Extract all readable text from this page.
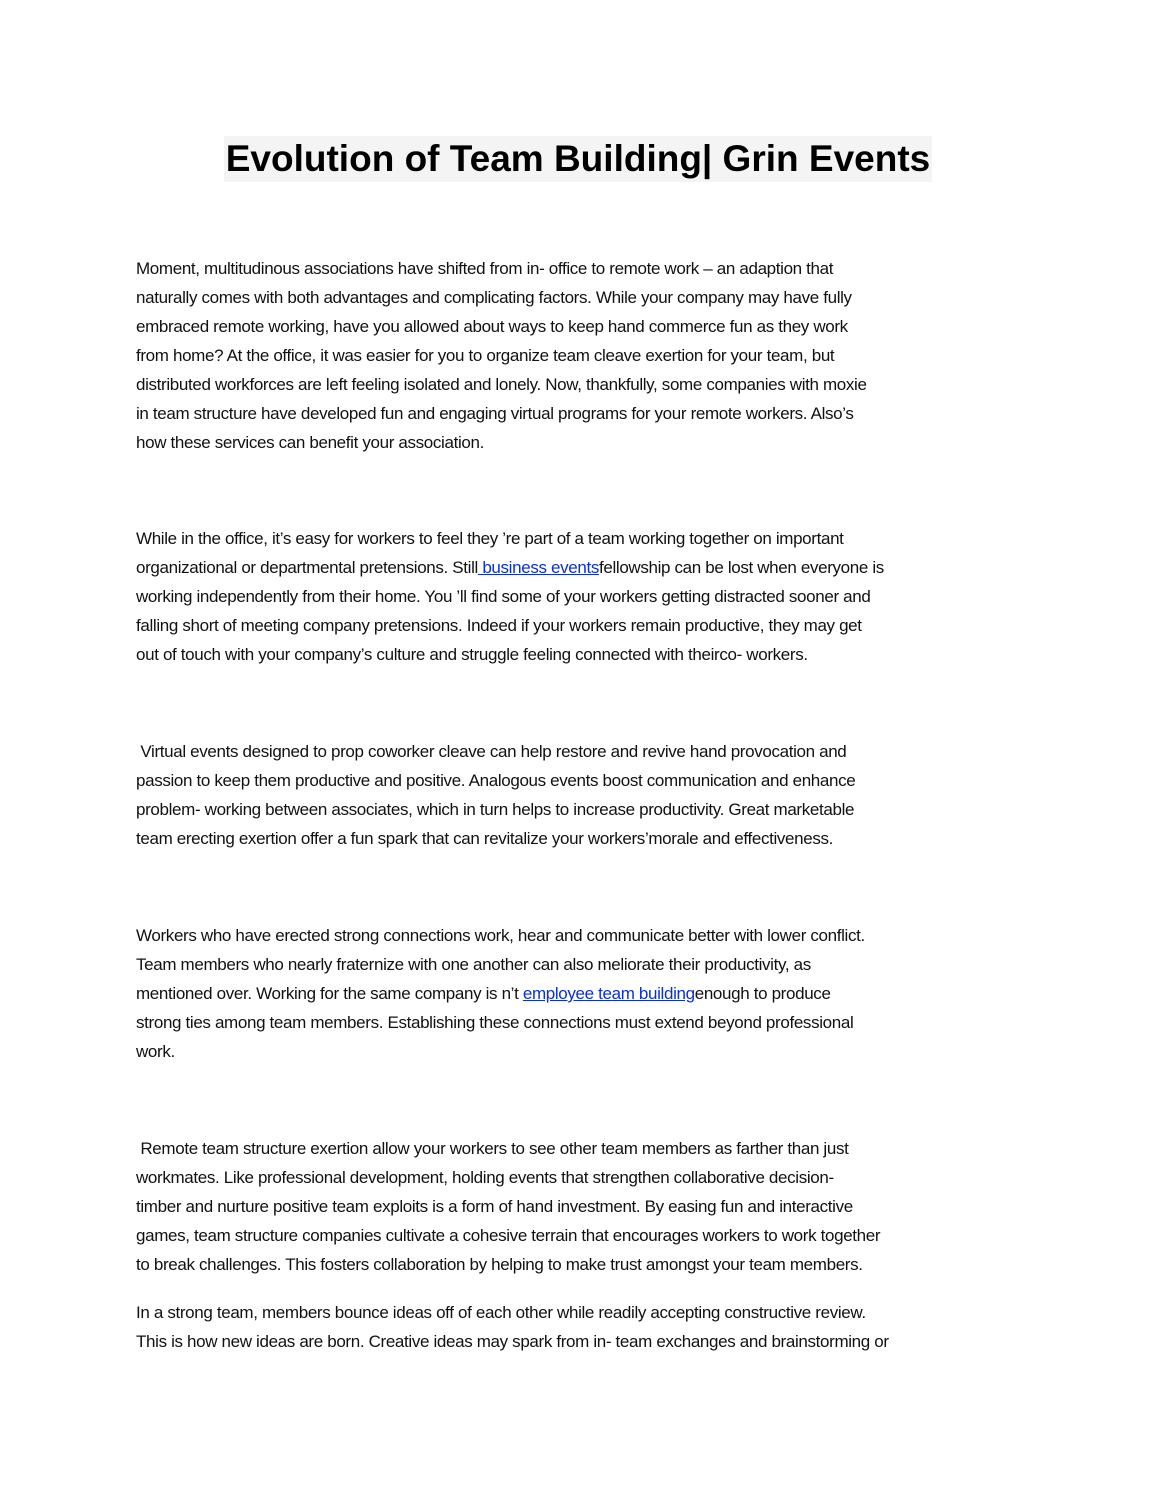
Evolution of Team Building| Grin Events
Moment, multitudinous associations have shifted from in- office to remote work – an adaption that
naturally comes with both advantages and complicating factors. While your company may have fully
embraced remote working, have you allowed about ways to keep hand commerce fun as they work
from home? At the office, it was easier for you to organize team cleave exertion for your team, but
distributed workforces are left feeling isolated and lonely. Now, thankfully, some companies with moxie
in team structure have developed fun and engaging virtual programs for your remote workers. Also’s
how these services can benefit your association.
While in the office, it’s easy for workers to feel they ’re part of a team working together on important
organizational or departmental pretensions. Still business eventsfellowship can be lost when everyone is
working independently from their home. You ’ll find some of your workers getting distracted sooner and
falling short of meeting company pretensions. Indeed if your workers remain productive, they may get
out of touch with your company’s culture and struggle feeling connected with theirco- workers.
Virtual events designed to prop coworker cleave can help restore and revive hand provocation and
passion to keep them productive and positive. Analogous events boost communication and enhance
problem- working between associates, which in turn helps to increase productivity. Great marketable
team erecting exertion offer a fun spark that can revitalize your workers’morale and effectiveness.
Workers who have erected strong connections work, hear and communicate better with lower conflict.
Team members who nearly fraternize with one another can also meliorate their productivity, as
mentioned over. Working for the same company is n’t employee team buildingenough to produce
strong ties among team members. Establishing these connections must extend beyond professional
work.
Remote team structure exertion allow your workers to see other team members as farther than just
workmates. Like professional development, holding events that strengthen collaborative decision-
timber and nurture positive team exploits is a form of hand investment. By easing fun and interactive
games, team structure companies cultivate a cohesive terrain that encourages workers to work together
to break challenges. This fosters collaboration by helping to make trust amongst your team members.
In a strong team, members bounce ideas off of each other while readily accepting constructive review.
This is how new ideas are born. Creative ideas may spark from in- team exchanges and brainstorming or
